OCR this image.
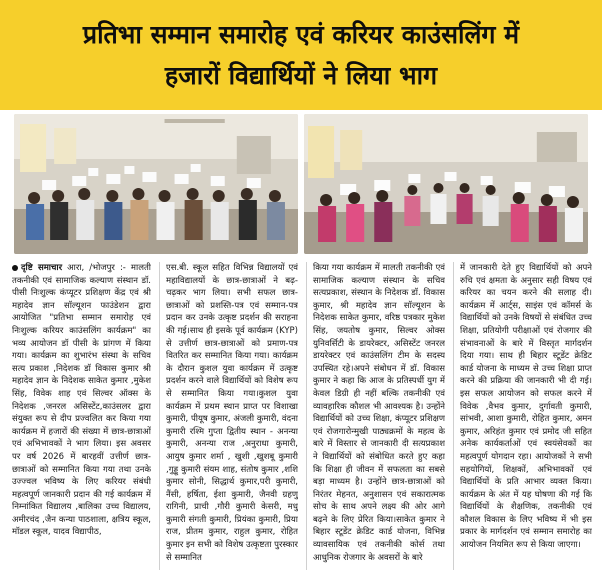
प्रतिभा सम्मान समारोह एवं करियर काउंसलिंग में
हजारों विद्यार्थियों ने लिया भाग
दृष्टि समाचार आरा, /भोजपुर :- मालती तकनीकी एवं सामाजिक कल्याण संस्थान डॉ. पीसी निःशुल्क कंप्यूटर प्रशिक्षण केंद्र एवं श्री महादेव ज्ञान सॉल्यूशन फाउंडेशन द्वारा आयोजित "प्रतिभा सम्मान समारोह एवं निःशुल्क करियर काउंसलिंग कार्यक्रम" का भव्य आयोजन डॉ पीसी के प्रांगण में किया गया। कार्यक्रम का शुभारंभ संस्था के सचिव सत्य प्रकाश ,निदेशक डॉ विकास कुमार श्री महादेव ज्ञान के निदेशक साकेत कुमार ,मुकेश सिंह, विवेक शाह एवं सिल्वर ऑक्स के निदेशक ,जनरल असिस्टेंट,काउंसलर द्वारा संयुक्त रूप से दीप प्रज्वलित कर किया गया कार्यक्रम में हजारों की संख्या में छात्र-छात्राओं एवं अभिभावकों ने भाग लिया। इस अवसर पर वर्ष 2026 में बारहवीं उत्तीर्ण छात्र-छात्राओं को सम्मानित किया गया तथा उनके उज्ज्वल भविष्य के लिए करियर संबंधी महत्वपूर्ण जानकारी प्रदान की गई कार्यक्रम में निम्नांकित विद्यालय ,बालिका उच्च विद्यालय, अमीरचंद ,जैन कन्या पाठशाला, क्षत्रिय स्कूल, मॉडल स्कूल, यादव विद्यापीठ,
एस.बी. स्कूल सहित विभिन्न विद्यालयों एवं महाविद्यालयों के छात्र-छात्राओं ने बढ़-चढ़कर भाग लिया। सभी सफल छात्र-छात्राओं को प्रशस्ति-पत्र एवं सम्मान-पत्र प्रदान कर उनके उत्कृष्ट प्रदर्शन की सराहना की गई।साथ ही इसके पूर्व कार्यक्रम (KYP) से उत्तीर्ण छात्र-छात्राओं को प्रमाण-पत्र वितरित कर सम्मानित किया गया। कार्यक्रम के दौरान कुशल युवा कार्यक्रम में उत्कृष्ट प्रदर्शन करने वाले विद्यार्थियों को विशेष रूप से सम्मानित किया गया।कुशल युवा कार्यक्रम में प्रथम स्थान प्राप्त पर विशाखा कुमारी, पीयूष कुमार, अंजली कुमारी, वंदना कुमारी रश्मि गुप्ता द्वितीय स्थान - अनन्या कुमारी, अनन्या राज ,अनुराधा कुमारी, आयुष कुमार शर्मा , खुशी ,खुशबू कुमारी ,गुड्डू कुमारी संयम शाह, संतोष कुमार ,शशि कुमार सोनी, सिद्धार्थ कुमार,परी कुमारी, नैंसी, हर्षिता, ईशा कुमारी, जैनवी ग्रहणु रागिनी, प्राची ,गौरी कुमारी केसरी, मधु कुमारी संगती कुमारी, प्रियंका कुमारी, प्रिया राज, प्रीतम कुमार, राहुल कुमार, रोहित कुमार इन सभी को विशेष उत्कृष्टता पुरस्कार से सम्मानित
किया गया कार्यक्रम में मालती तकनीकी एवं सामाजिक कल्याण संस्थान के सचिव सत्यप्रकाश, संस्थान के निदेशक डॉ. विकास कुमार, श्री महादेव ज्ञान सॉल्यूशन के निदेशक साकेत कुमार, वरिष्ठ पत्रकार मुकेश सिंह, जयतोष कुमार, सिल्वर ओक्स युनिवर्सिटी के डायरेक्टर, असिस्टेंट जनरल डायरेक्टर एवं काउंसलिंग टीम के सदस्य उपस्थित रहे।अपने संबोधन में डॉ. विकास कुमार ने कहा कि आज के प्रतिस्पर्धी युग में केवल डिग्री ही नहीं बल्कि तकनीकी एवं व्यावहारिक कौशल भी आवश्यक है। उन्होंने विद्यार्थियों को उच्च शिक्षा, कंप्यूटर प्रशिक्षण एवं रोजगारोन्मुखी पाठ्यक्रमों के महत्व के बारे में विस्तार से जानकारी दी सत्यप्रकाश ने विद्यार्थियों को संबोधित करते हुए कहा कि शिक्षा ही जीवन में सफलता का सबसे बड़ा माध्यम है। उन्होंने छात्र-छात्राओं को निरंतर मेहनत, अनुशासन एवं सकारात्मक सोच के साथ अपने लक्ष्य की ओर आगे बढ़ने के लिए प्रेरित किया।साकेत कुमार ने बिहार स्टूडेंट क्रेडिट कार्ड योजना, विभिन्न व्यावसायिक एवं तकनीकी कोर्स तथा आधुनिक रोजगार के अवसरों के बारे
में जानकारी देते हुए विद्यार्थियों को अपने रुचि एवं क्षमता के अनुसार सही विषय एवं करियर का चयन करने की सलाह दी। कार्यक्रम में आर्ट्स, साइंस एवं कॉमर्स के विद्यार्थियों को उनके विषयों से संबंधित उच्च शिक्षा, प्रतियोगी परीक्षाओं एवं रोजगार की संभावनाओं के बारे में विस्तृत मार्गदर्शन दिया गया। साथ ही बिहार स्टूडेंट क्रेडिट कार्ड योजना के माध्यम से उच्च शिक्षा प्राप्त करने की प्रक्रिया की जानकारी भी दी गई।इस सफल आयोजन को सफल करने में विवेक ,वैभव कुमार, दुर्गावती कुमारी, सांभवी, आशा कुमारी, रोहित कुमार, अमन कुमार, अरिहंत कुमार एवं प्रमोद जी सहित अनेक कार्यकर्ताओं एवं स्वयंसेवकों का महत्वपूर्ण योगदान रहा। आयोजकों ने सभी सहयोगियों, शिक्षकों, अभिभावकों एवं विद्यार्थियों के प्रति आभार व्यक्त किया।कार्यक्रम के अंत में यह घोषणा की गई कि विद्यार्थियों के शैक्षणिक, तकनीकी एवं कौशल विकास के लिए भविष्य में भी इस प्रकार के मार्गदर्शन एवं सम्मान समारोह का आयोजन नियमित रूप से किया जाएगा।
